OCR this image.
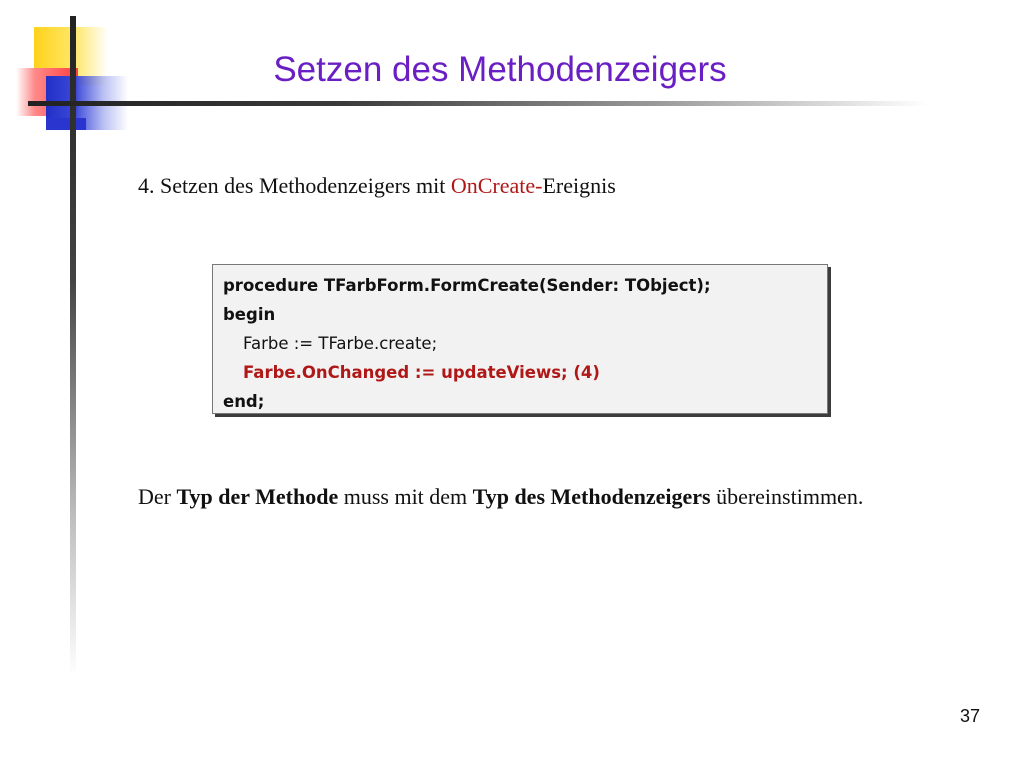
Setzen des Methodenzeigers
4. Setzen des Methodenzeigers mit OnCreate-Ereignis
procedure TFarbForm.FormCreate(Sender: TObject);
begin
Farbe := TFarbe.create;
Farbe.OnChanged := updateViews; (4)
end;
Der Typ der Methode muss mit dem Typ des Methodenzeigers übereinstimmen.
37
